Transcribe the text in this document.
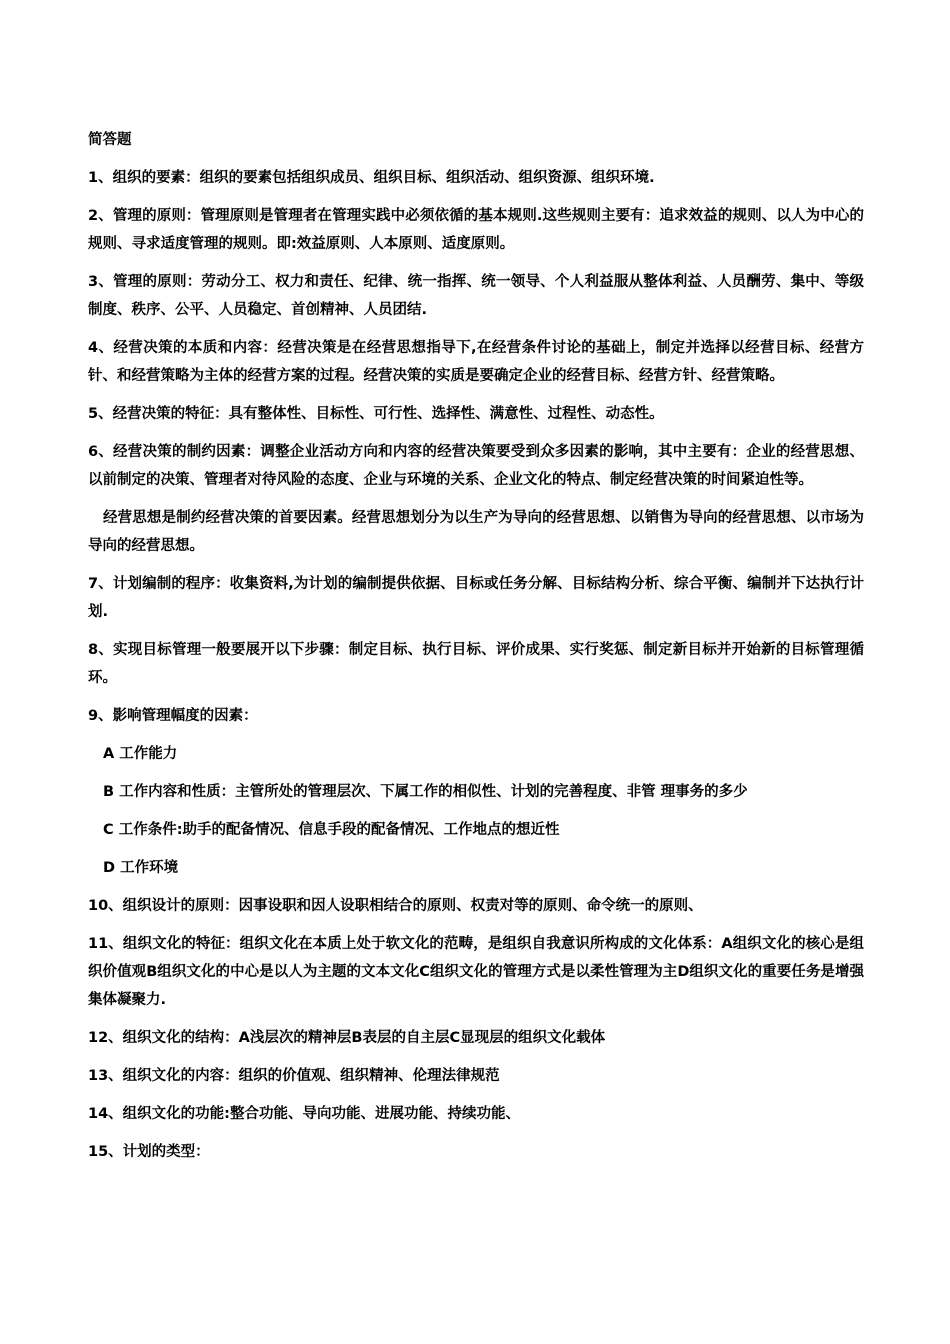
简答题

1、组织的要素：组织的要素包括组织成员、组织目标、组织活动、组织资源、组织环境.

2、管理的原则：管理原则是管理者在管理实践中必须依循的基本规则.这些规则主要有：追求效益的规则、以人为中心的规则、寻求适度管理的规则。即:效益原则、人本原则、适度原则。

3、管理的原则：劳动分工、权力和责任、纪律、统一指挥、统一领导、个人利益服从整体利益、人员酬劳、集中、等级制度、秩序、公平、人员稳定、首创精神、人员团结.

4、经营决策的本质和内容：经营决策是在经营思想指导下,在经营条件讨论的基础上，制定并选择以经营目标、经营方针、和经营策略为主体的经营方案的过程。经营决策的实质是要确定企业的经营目标、经营方针、经营策略。

5、经营决策的特征：具有整体性、目标性、可行性、选择性、满意性、过程性、动态性。

6、经营决策的制约因素：调整企业活动方向和内容的经营决策要受到众多因素的影响，其中主要有：企业的经营思想、以前制定的决策、管理者对待风险的态度、企业与环境的关系、企业文化的特点、制定经营决策的时间紧迫性等。

经营思想是制约经营决策的首要因素。经营思想划分为以生产为导向的经营思想、以销售为导向的经营思想、以市场为导向的经营思想。

7、计划编制的程序：收集资料,为计划的编制提供依据、目标或任务分解、目标结构分析、综合平衡、编制并下达执行计划.

8、实现目标管理一般要展开以下步骤：制定目标、执行目标、评价成果、实行奖惩、制定新目标并开始新的目标管理循环。

9、影响管理幅度的因素：

A 工作能力

B 工作内容和性质：主管所处的管理层次、下属工作的相似性、计划的完善程度、非管 理事务的多少

C 工作条件:助手的配备情况、信息手段的配备情况、工作地点的想近性

D 工作环境

10、组织设计的原则：因事设职和因人设职相结合的原则、权责对等的原则、命令统一的原则、

11、组织文化的特征：组织文化在本质上处于软文化的范畴，是组织自我意识所构成的文化体系：A组织文化的核心是组织价值观B组织文化的中心是以人为主题的文本文化C组织文化的管理方式是以柔性管理为主D组织文化的重要任务是增强集体凝聚力.

12、组织文化的结构：A浅层次的精神层B表层的自主层C显现层的组织文化载体

13、组织文化的内容：组织的价值观、组织精神、伦理法律规范

14、组织文化的功能:整合功能、导向功能、进展功能、持续功能、

15、计划的类型：
